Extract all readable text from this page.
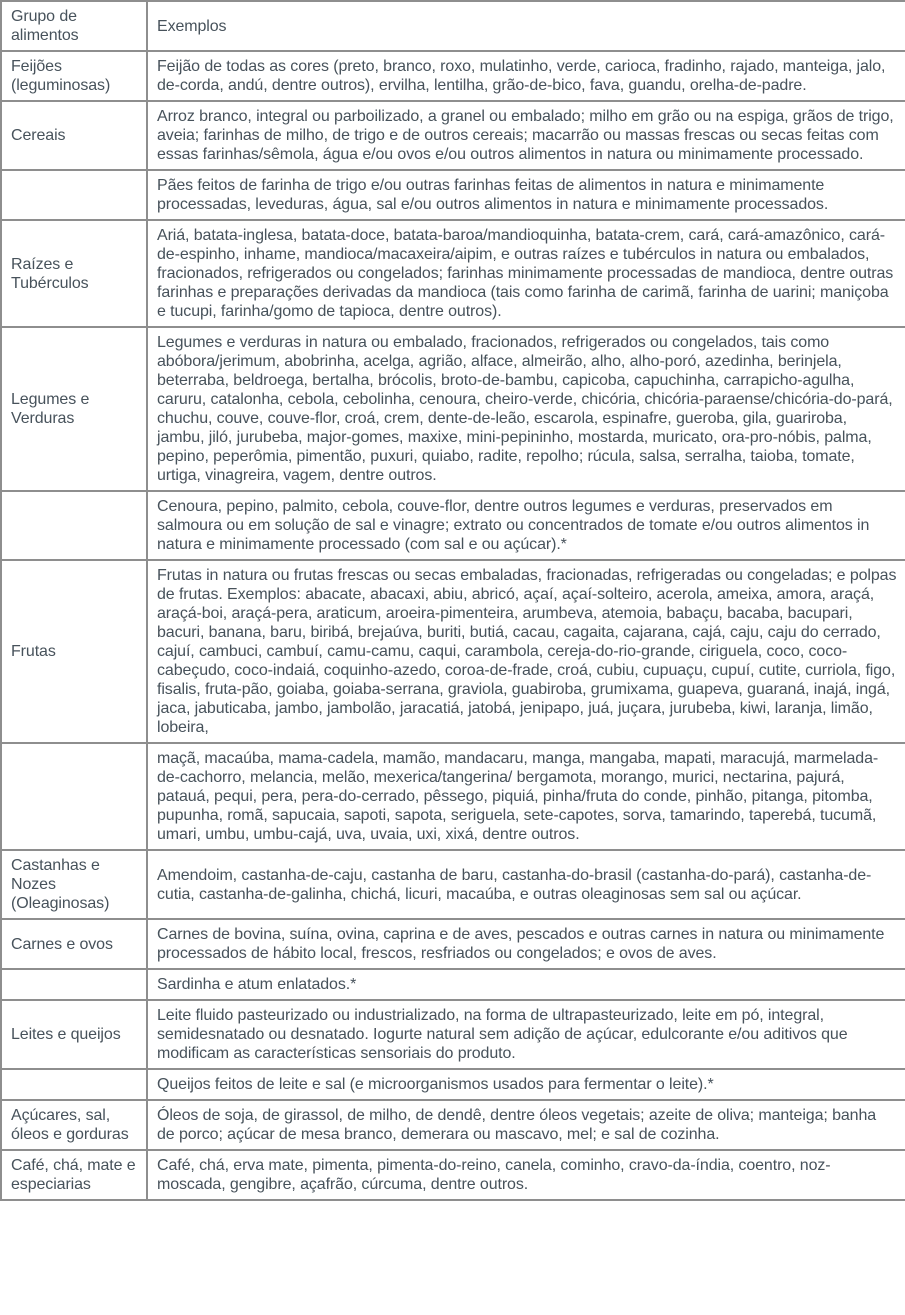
Grupo de alimentos	Exemplos
Feijões (leguminosas)	Feijão de todas as cores (preto, branco, roxo, mulatinho, verde, carioca, fradinho, rajado, manteiga, jalo, de-corda, andú, dentre outros), ervilha, lentilha, grão-de-bico, fava, guandu, orelha-de-padre.
Cereais	Arroz branco, integral ou parboilizado, a granel ou embalado; milho em grão ou na espiga, grãos de trigo, aveia; farinhas de milho, de trigo e de outros cereais; macarrão ou massas frescas ou secas feitas com essas farinhas/sêmola, água e/ou ovos e/ou outros alimentos in natura ou minimamente processado.
	Pães feitos de farinha de trigo e/ou outras farinhas feitas de alimentos in natura e minimamente processadas, leveduras, água, sal e/ou outros alimentos in natura e minimamente processados.
Raízes e Tubérculos	Ariá, batata-inglesa, batata-doce, batata-baroa/mandioquinha, batata-crem, cará, cará-amazônico, cará-de-espinho, inhame, mandioca/macaxeira/aipim, e outras raízes e tubérculos in natura ou embalados, fracionados, refrigerados ou congelados; farinhas minimamente processadas de mandioca, dentre outras farinhas e preparações derivadas da mandioca (tais como farinha de carimã, farinha de uarini; maniçoba e tucupi, farinha/gomo de tapioca, dentre outros).
Legumes e Verduras	Legumes e verduras in natura ou embalado, fracionados, refrigerados ou congelados, tais como abóbora/jerimum, abobrinha, acelga, agrião, alface, almeirão, alho, alho-poró, azedinha, berinjela, beterraba, beldroega, bertalha, brócolis, broto-de-bambu, capicoba, capuchinha, carrapicho-agulha, caruru, catalonha, cebola, cebolinha, cenoura, cheiro-verde, chicória, chicória-paraense/chicória-do-pará, chuchu, couve, couve-flor, croá, crem, dente-de-leão, escarola, espinafre, gueroba, gila, guariroba, jambu, jiló, jurubeba, major-gomes, maxixe, mini-pepininho, mostarda, muricato, ora-pro-nóbis, palma, pepino, peperômia, pimentão, puxuri, quiabo, radite, repolho; rúcula, salsa, serralha, taioba, tomate, urtiga, vinagreira, vagem, dentre outros.
	Cenoura, pepino, palmito, cebola, couve-flor, dentre outros legumes e verduras, preservados em salmoura ou em solução de sal e vinagre; extrato ou concentrados de tomate e/ou outros alimentos in natura e minimamente processado (com sal e ou açúcar).*
Frutas	Frutas in natura ou frutas frescas ou secas embaladas, fracionadas, refrigeradas ou congeladas; e polpas de frutas. Exemplos: abacate, abacaxi, abiu, abricó, açaí, açaí-solteiro, acerola, ameixa, amora, araçá, araçá-boi, araçá-pera, araticum, aroeira-pimenteira, arumbeva, atemoia, babaçu, bacaba, bacupari, bacuri, banana, baru, biribá, brejaúva, buriti, butiá, cacau, cagaita, cajarana, cajá, caju, caju do cerrado, cajuí, cambuci, cambuí, camu-camu, caqui, carambola, cereja-do-rio-grande, ciriguela, coco, coco-cabeçudo, coco-indaiá, coquinho-azedo, coroa-de-frade, croá, cubiu, cupuaçu, cupuí, cutite, curriola, figo, fisalis, fruta-pão, goiaba, goiaba-serrana, graviola, guabiroba, grumixama, guapeva, guaraná, inajá, ingá, jaca, jabuticaba, jambo, jambolão, jaracatiá, jatobá, jenipapo, juá, juçara, jurubeba, kiwi, laranja, limão, lobeira,
	maçã, macaúba, mama-cadela, mamão, mandacaru, manga, mangaba, mapati, maracujá, marmelada-de-cachorro, melancia, melão, mexerica/tangerina/ bergamota, morango, murici, nectarina, pajurá, patauá, pequi, pera, pera-do-cerrado, pêssego, piquiá, pinha/fruta do conde, pinhão, pitanga, pitomba, pupunha, romã, sapucaia, sapoti, sapota, seriguela, sete-capotes, sorva, tamarindo, taperebá, tucumã, umari, umbu, umbu-cajá, uva, uvaia, uxi, xixá, dentre outros.
Castanhas e Nozes (Oleaginosas)	Amendoim, castanha-de-caju, castanha de baru, castanha-do-brasil (castanha-do-pará), castanha-de-cutia, castanha-de-galinha, chichá, licuri, macaúba, e outras oleaginosas sem sal ou açúcar.
Carnes e ovos	Carnes de bovina, suína, ovina, caprina e de aves, pescados e outras carnes in natura ou minimamente processados de hábito local, frescos, resfriados ou congelados; e ovos de aves.
	Sardinha e atum enlatados.*
Leites e queijos	Leite fluido pasteurizado ou industrializado, na forma de ultrapasteurizado, leite em pó, integral, semidesnatado ou desnatado. Iogurte natural sem adição de açúcar, edulcorante e/ou aditivos que modificam as características sensoriais do produto.
	Queijos feitos de leite e sal (e microorganismos usados para fermentar o leite).*
Açúcares, sal, óleos e gorduras	Óleos de soja, de girassol, de milho, de dendê, dentre óleos vegetais; azeite de oliva; manteiga; banha de porco; açúcar de mesa branco, demerara ou mascavo, mel; e sal de cozinha.
Café, chá, mate e especiarias	Café, chá, erva mate, pimenta, pimenta-do-reino, canela, cominho, cravo-da-índia, coentro, noz-moscada, gengibre, açafrão, cúrcuma, dentre outros.
